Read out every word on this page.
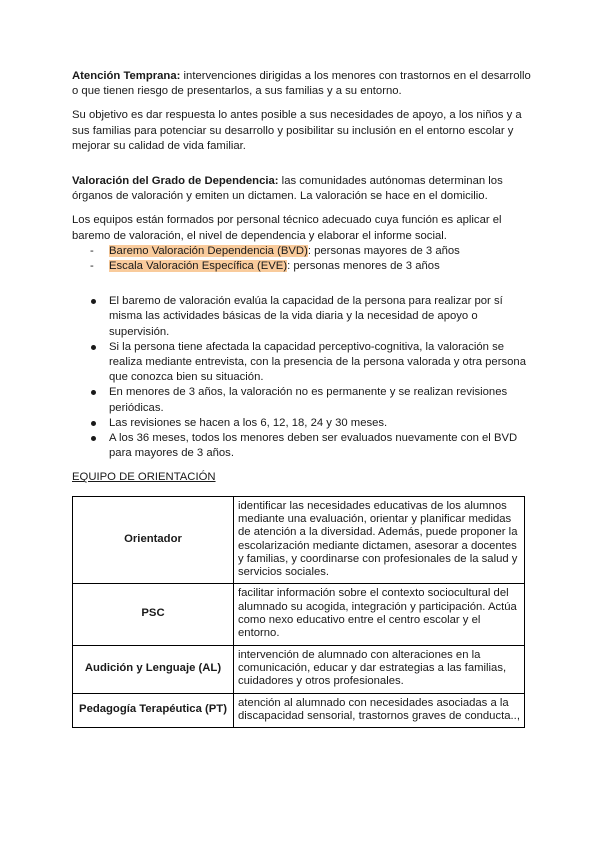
Atención Temprana: intervenciones dirigidas a los menores con trastornos en el desarrollo o que tienen riesgo de presentarlos, a sus familias y a su entorno.

Su objetivo es dar respuesta lo antes posible a sus necesidades de apoyo, a los niños y a sus familias para potenciar su desarrollo y posibilitar su inclusión en el entorno escolar y mejorar su calidad de vida familiar.

Valoración del Grado de Dependencia: las comunidades autónomas determinan los órganos de valoración y emiten un dictamen. La valoración se hace en el domicilio.

Los equipos están formados por personal técnico adecuado cuya función es aplicar el baremo de valoración, el nivel de dependencia y elaborar el informe social.

- Baremo Valoración Dependencia (BVD): personas mayores de 3 años
- Escala Valoración Específica (EVE): personas menores de 3 años
El baremo de valoración evalúa la capacidad de la persona para realizar por sí misma las actividades básicas de la vida diaria y la necesidad de apoyo o supervisión.
Si la persona tiene afectada la capacidad perceptivo-cognitiva, la valoración se realiza mediante entrevista, con la presencia de la persona valorada y otra persona que conozca bien su situación.
En menores de 3 años, la valoración no es permanente y se realizan revisiones periódicas.
Las revisiones se hacen a los 6, 12, 18, 24 y 30 meses.
A los 36 meses, todos los menores deben ser evaluados nuevamente con el BVD para mayores de 3 años.

EQUIPO DE ORIENTACIÓN

Orientador	identificar las necesidades educativas de los alumnos mediante una evaluación, orientar y planificar medidas de atención a la diversidad. Además, puede proponer la escolarización mediante dictamen, asesorar a docentes y familias, y coordinarse con profesionales de la salud y servicios sociales.
PSC	facilitar información sobre el contexto sociocultural del alumnado su acogida, integración y participación. Actúa como nexo educativo entre el centro escolar y el entorno.
Audición y Lenguaje (AL)	intervención de alumnado con alteraciones en la comunicación, educar y dar estrategias a las familias, cuidadores y otros profesionales.
Pedagogía Terapéutica (PT)	atención al alumnado con necesidades asociadas a la discapacidad sensorial, trastornos graves de conducta..,
